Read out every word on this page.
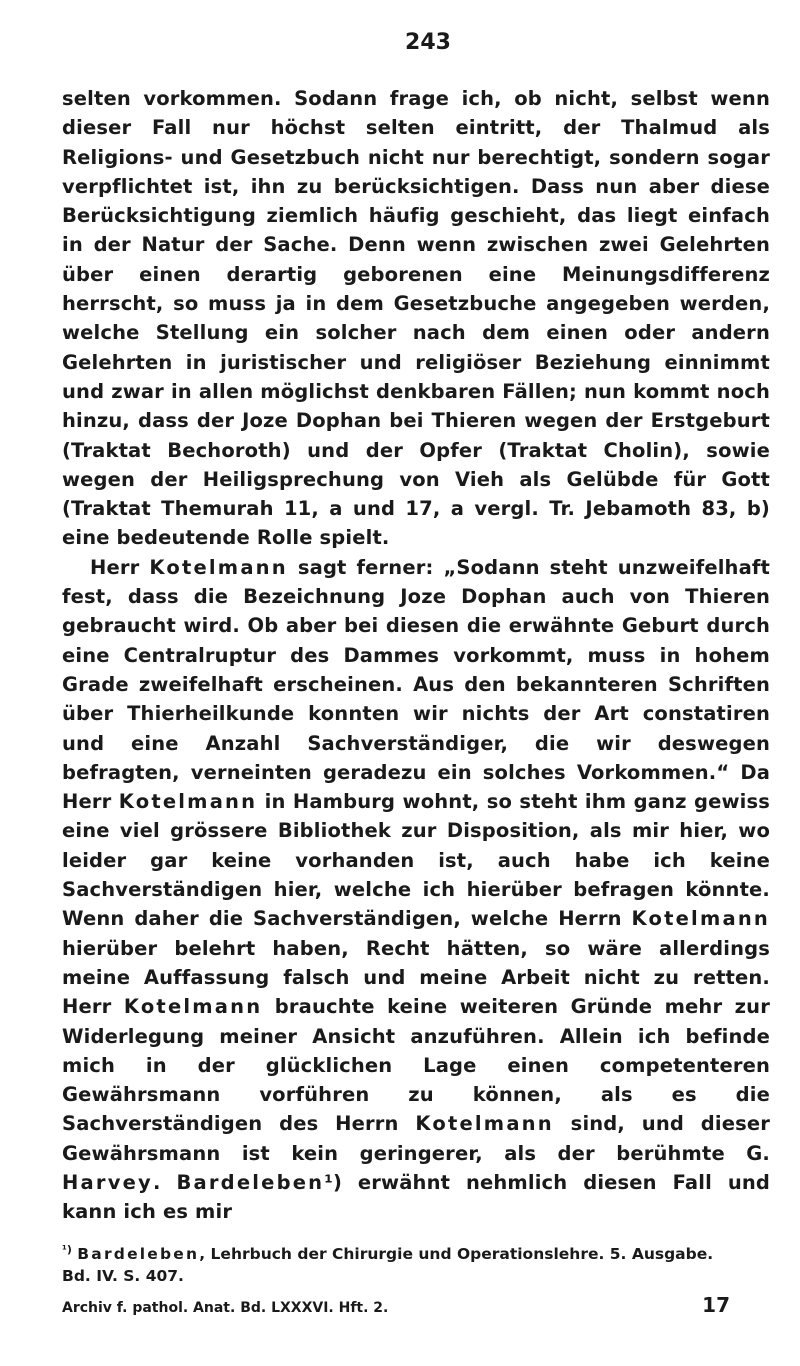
243

selten vorkommen. Sodann frage ich, ob nicht, selbst wenn dieser Fall nur höchst selten eintritt, der Thalmud als Religions- und Gesetzbuch nicht nur berechtigt, sondern sogar verpflichtet ist, ihn zu berücksichtigen. Dass nun aber diese Berücksichtigung ziemlich häufig geschieht, das liegt einfach in der Natur der Sache. Denn wenn zwischen zwei Gelehrten über einen derartig geborenen eine Meinungsdifferenz herrscht, so muss ja in dem Gesetzbuche angegeben werden, welche Stellung ein solcher nach dem einen oder andern Gelehrten in juristischer und religiöser Beziehung einnimmt und zwar in allen möglichst denkbaren Fällen; nun kommt noch hinzu, dass der Joze Dophan bei Thieren wegen der Erstgeburt (Traktat Bechoroth) und der Opfer (Traktat Cholin), sowie wegen der Heiligsprechung von Vieh als Gelübde für Gott (Traktat Themurah 11, a und 17, a vergl. Tr. Jebamoth 83, b) eine bedeutende Rolle spielt.

Herr Kotelmann sagt ferner: „Sodann steht unzweifelhaft fest, dass die Bezeichnung Joze Dophan auch von Thieren gebraucht wird. Ob aber bei diesen die erwähnte Geburt durch eine Centralruptur des Dammes vorkommt, muss in hohem Grade zweifelhaft erscheinen. Aus den bekannteren Schriften über Thierheilkunde konnten wir nichts der Art constatiren und eine Anzahl Sachverständiger, die wir deswegen befragten, verneinten geradezu ein solches Vorkommen.“ Da Herr Kotelmann in Hamburg wohnt, so steht ihm ganz gewiss eine viel grössere Bibliothek zur Disposition, als mir hier, wo leider gar keine vorhanden ist, auch habe ich keine Sachverständigen hier, welche ich hierüber befragen könnte. Wenn daher die Sachverständigen, welche Herrn Kotelmann hierüber belehrt haben, Recht hätten, so wäre allerdings meine Auffassung falsch und meine Arbeit nicht zu retten. Herr Kotelmann brauchte keine weiteren Gründe mehr zur Widerlegung meiner Ansicht anzuführen. Allein ich befinde mich in der glücklichen Lage einen competenteren Gewährsmann vorführen zu können, als es die Sachverständigen des Herrn Kotelmann sind, und dieser Gewährsmann ist kein geringerer, als der berühmte G. Harvey. Bardeleben¹) erwähnt nehmlich diesen Fall und kann ich es mir

$^{^1)}$ Bardeleben, Lehrbuch der Chirurgie und Operationslehre. 5. Ausgabe.
Bd. IV. S. 407.

Archiv f. pathol. Anat. Bd. LXXXVI. Hft. 2.	17
